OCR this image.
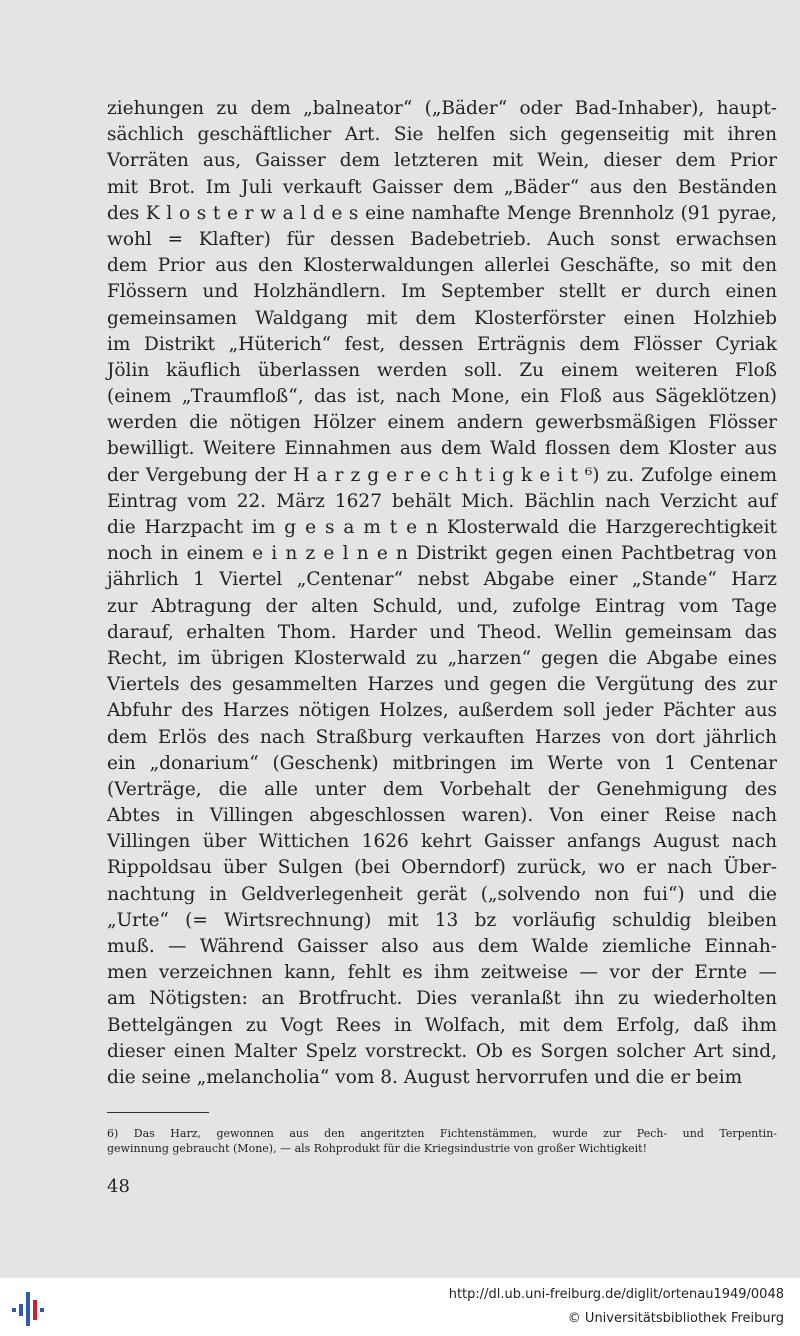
ziehungen zu dem „balneator“ („Bäder“ oder Bad-Inhaber), haupt-
sächlich geschäftlicher Art. Sie helfen sich gegenseitig mit ihren
Vorräten aus, Gaisser dem letzteren mit Wein, dieser dem Prior
mit Brot. Im Juli verkauft Gaisser dem „Bäder“ aus den Beständen
des K l o s t e r w a l d e s eine namhafte Menge Brennholz (91 pyrae,
wohl = Klafter) für dessen Badebetrieb. Auch sonst erwachsen
dem Prior aus den Klosterwaldungen allerlei Geschäfte, so mit den
Flössern und Holzhändlern. Im September stellt er durch einen
gemeinsamen Waldgang mit dem Klosterförster einen Holzhieb
im Distrikt „Hüterich“ fest, dessen Erträgnis dem Flösser Cyriak
Jölin käuflich überlassen werden soll. Zu einem weiteren Floß
(einem „Traumfloß“, das ist, nach Mone, ein Floß aus Sägeklötzen)
werden die nötigen Hölzer einem andern gewerbsmäßigen Flösser
bewilligt. Weitere Einnahmen aus dem Wald flossen dem Kloster aus
der Vergebung der H a r z g e r e c h t i g k e i t ⁶) zu. Zufolge einem
Eintrag vom 22. März 1627 behält Mich. Bächlin nach Verzicht auf
die Harzpacht im g e s a m t e n Klosterwald die Harzgerechtigkeit
noch in einem e i n z e l n e n Distrikt gegen einen Pachtbetrag von
jährlich 1 Viertel „Centenar“ nebst Abgabe einer „Stande“ Harz
zur Abtragung der alten Schuld, und, zufolge Eintrag vom Tage
darauf, erhalten Thom. Harder und Theod. Wellin gemeinsam das
Recht, im übrigen Klosterwald zu „harzen“ gegen die Abgabe eines
Viertels des gesammelten Harzes und gegen die Vergütung des zur
Abfuhr des Harzes nötigen Holzes, außerdem soll jeder Pächter aus
dem Erlös des nach Straßburg verkauften Harzes von dort jährlich
ein „donarium“ (Geschenk) mitbringen im Werte von 1 Centenar
(Verträge, die alle unter dem Vorbehalt der Genehmigung des
Abtes in Villingen abgeschlossen waren). Von einer Reise nach
Villingen über Wittichen 1626 kehrt Gaisser anfangs August nach
Rippoldsau über Sulgen (bei Oberndorf) zurück, wo er nach Über-
nachtung in Geldverlegenheit gerät („solvendo non fui“) und die
„Urte“ (= Wirtsrechnung) mit 13 bz vorläufig schuldig bleiben
muß. — Während Gaisser also aus dem Walde ziemliche Einnah-
men verzeichnen kann, fehlt es ihm zeitweise — vor der Ernte —
am Nötigsten: an Brotfrucht. Dies veranlaßt ihn zu wiederholten
Bettelgängen zu Vogt Rees in Wolfach, mit dem Erfolg, daß ihm
dieser einen Malter Spelz vorstreckt. Ob es Sorgen solcher Art sind,
die seine „melancholia“ vom 8. August hervorrufen und die er beim
6) Das Harz, gewonnen aus den angeritzten Fichtenstämmen, wurde zur Pech- und Terpentin-
gewinnung gebraucht (Mone), — als Rohprodukt für die Kriegsindustrie von großer Wichtigkeit!
48
http://dl.ub.uni-freiburg.de/diglit/ortenau1949/0048
© Universitätsbibliothek Freiburg
